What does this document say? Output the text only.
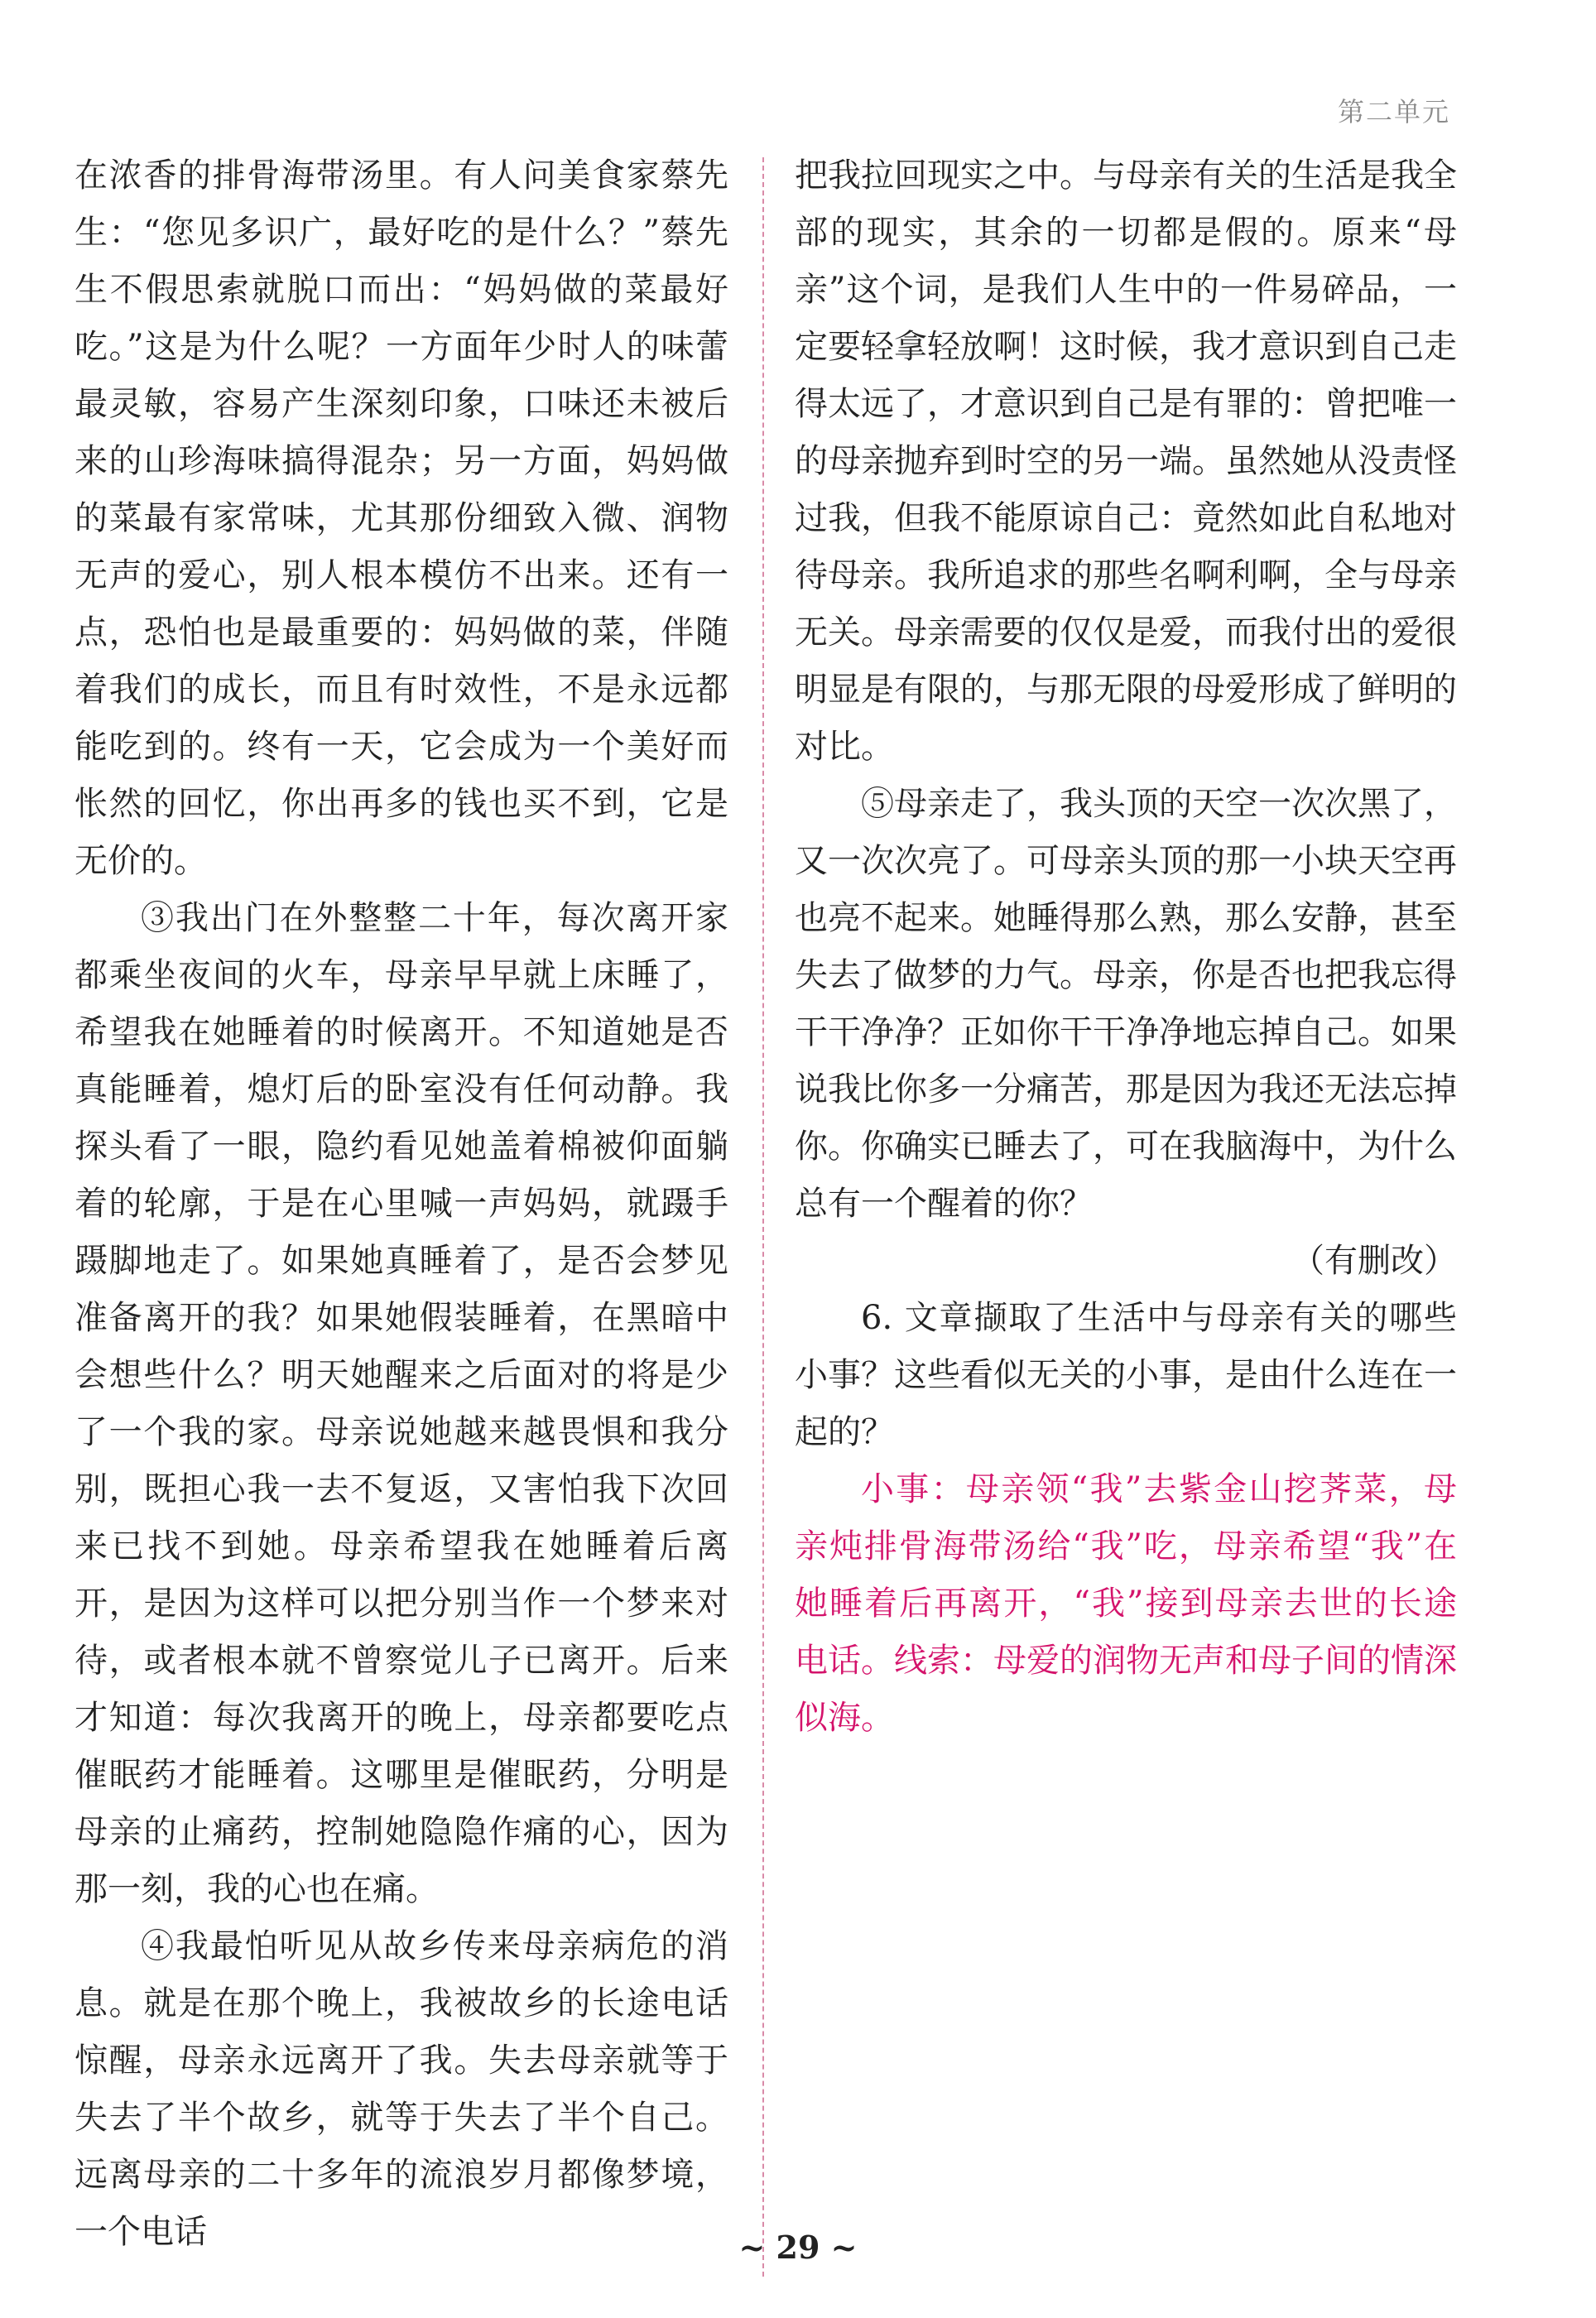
第二单元

在浓香的排骨海带汤里。有人问美食家蔡先生：“您见多识广，最好吃的是什么？”蔡先生不假思索就脱口而出：“妈妈做的菜最好吃。”这是为什么呢？一方面年少时人的味蕾最灵敏，容易产生深刻印象，口味还未被后来的山珍海味搞得混杂；另一方面，妈妈做的菜最有家常味，尤其那份细致入微、润物无声的爱心，别人根本模仿不出来。还有一点，恐怕也是最重要的：妈妈做的菜，伴随着我们的成长，而且有时效性，不是永远都能吃到的。终有一天，它会成为一个美好而怅然的回忆，你出再多的钱也买不到，它是无价的。

③我出门在外整整二十年，每次离开家都乘坐夜间的火车，母亲早早就上床睡了，希望我在她睡着的时候离开。不知道她是否真能睡着，熄灯后的卧室没有任何动静。我探头看了一眼，隐约看见她盖着棉被仰面躺着的轮廓，于是在心里喊一声妈妈，就蹑手蹑脚地走了。如果她真睡着了，是否会梦见准备离开的我？如果她假装睡着，在黑暗中会想些什么？明天她醒来之后面对的将是少了一个我的家。母亲说她越来越畏惧和我分别，既担心我一去不复返，又害怕我下次回来已找不到她。母亲希望我在她睡着后离开，是因为这样可以把分别当作一个梦来对待，或者根本就不曾察觉儿子已离开。后来才知道：每次我离开的晚上，母亲都要吃点催眠药才能睡着。这哪里是催眠药，分明是母亲的止痛药，控制她隐隐作痛的心，因为那一刻，我的心也在痛。

④我最怕听见从故乡传来母亲病危的消息。就是在那个晚上，我被故乡的长途电话惊醒，母亲永远离开了我。失去母亲就等于失去了半个故乡，就等于失去了半个自己。远离母亲的二十多年的流浪岁月都像梦境，一个电话

把我拉回现实之中。与母亲有关的生活是我全部的现实，其余的一切都是假的。原来“母亲”这个词，是我们人生中的一件易碎品，一定要轻拿轻放啊！这时候，我才意识到自己走得太远了，才意识到自己是有罪的：曾把唯一的母亲抛弃到时空的另一端。虽然她从没责怪过我，但我不能原谅自己：竟然如此自私地对待母亲。我所追求的那些名啊利啊，全与母亲无关。母亲需要的仅仅是爱，而我付出的爱很明显是有限的，与那无限的母爱形成了鲜明的对比。

⑤母亲走了，我头顶的天空一次次黑了，又一次次亮了。可母亲头顶的那一小块天空再也亮不起来。她睡得那么熟，那么安静，甚至失去了做梦的力气。母亲，你是否也把我忘得干干净净？正如你干干净净地忘掉自己。如果说我比你多一分痛苦，那是因为我还无法忘掉你。你确实已睡去了，可在我脑海中，为什么总有一个醒着的你？

（有删改）

6. 文章撷取了生活中与母亲有关的哪些小事？这些看似无关的小事，是由什么连在一起的？

小事：母亲领“我”去紫金山挖荠菜，母亲炖排骨海带汤给“我”吃，母亲希望“我”在她睡着后再离开，“我”接到母亲去世的长途电话。线索：母爱的润物无声和母子间的情深似海。

~ 29 ~
